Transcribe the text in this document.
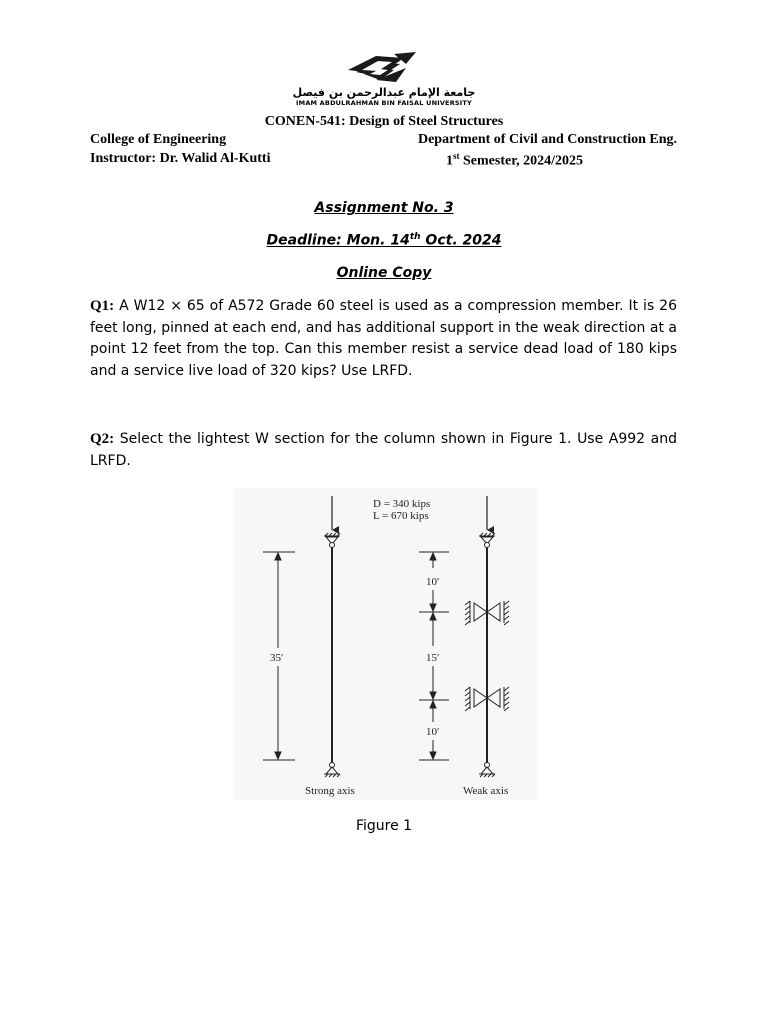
جامعة الإمام عبدالرحمن بن فيصل
IMAM ABDULRAHMAN BIN FAISAL UNIVERSITY
CONEN-541: Design of Steel Structures
College of Engineering	Department of Civil and Construction Eng.
Instructor: Dr. Walid Al-Kutti	1st Semester, 2024/2025
Assignment No. 3
Deadline: Mon. 14th Oct. 2024
Online Copy
Q1: A W12 × 65 of A572 Grade 60 steel is used as a compression member. It is 26 feet long, pinned at each end, and has additional support in the weak direction at a point 12 feet from the top. Can this member resist a service dead load of 180 kips and a service live load of 320 kips? Use LRFD.
Q2: Select the lightest W section for the column shown in Figure 1. Use A992 and LRFD.
D = 340 kips
L = 670 kips
35′
Strong axis
10′
15′
10′
Weak axis
Figure 1
